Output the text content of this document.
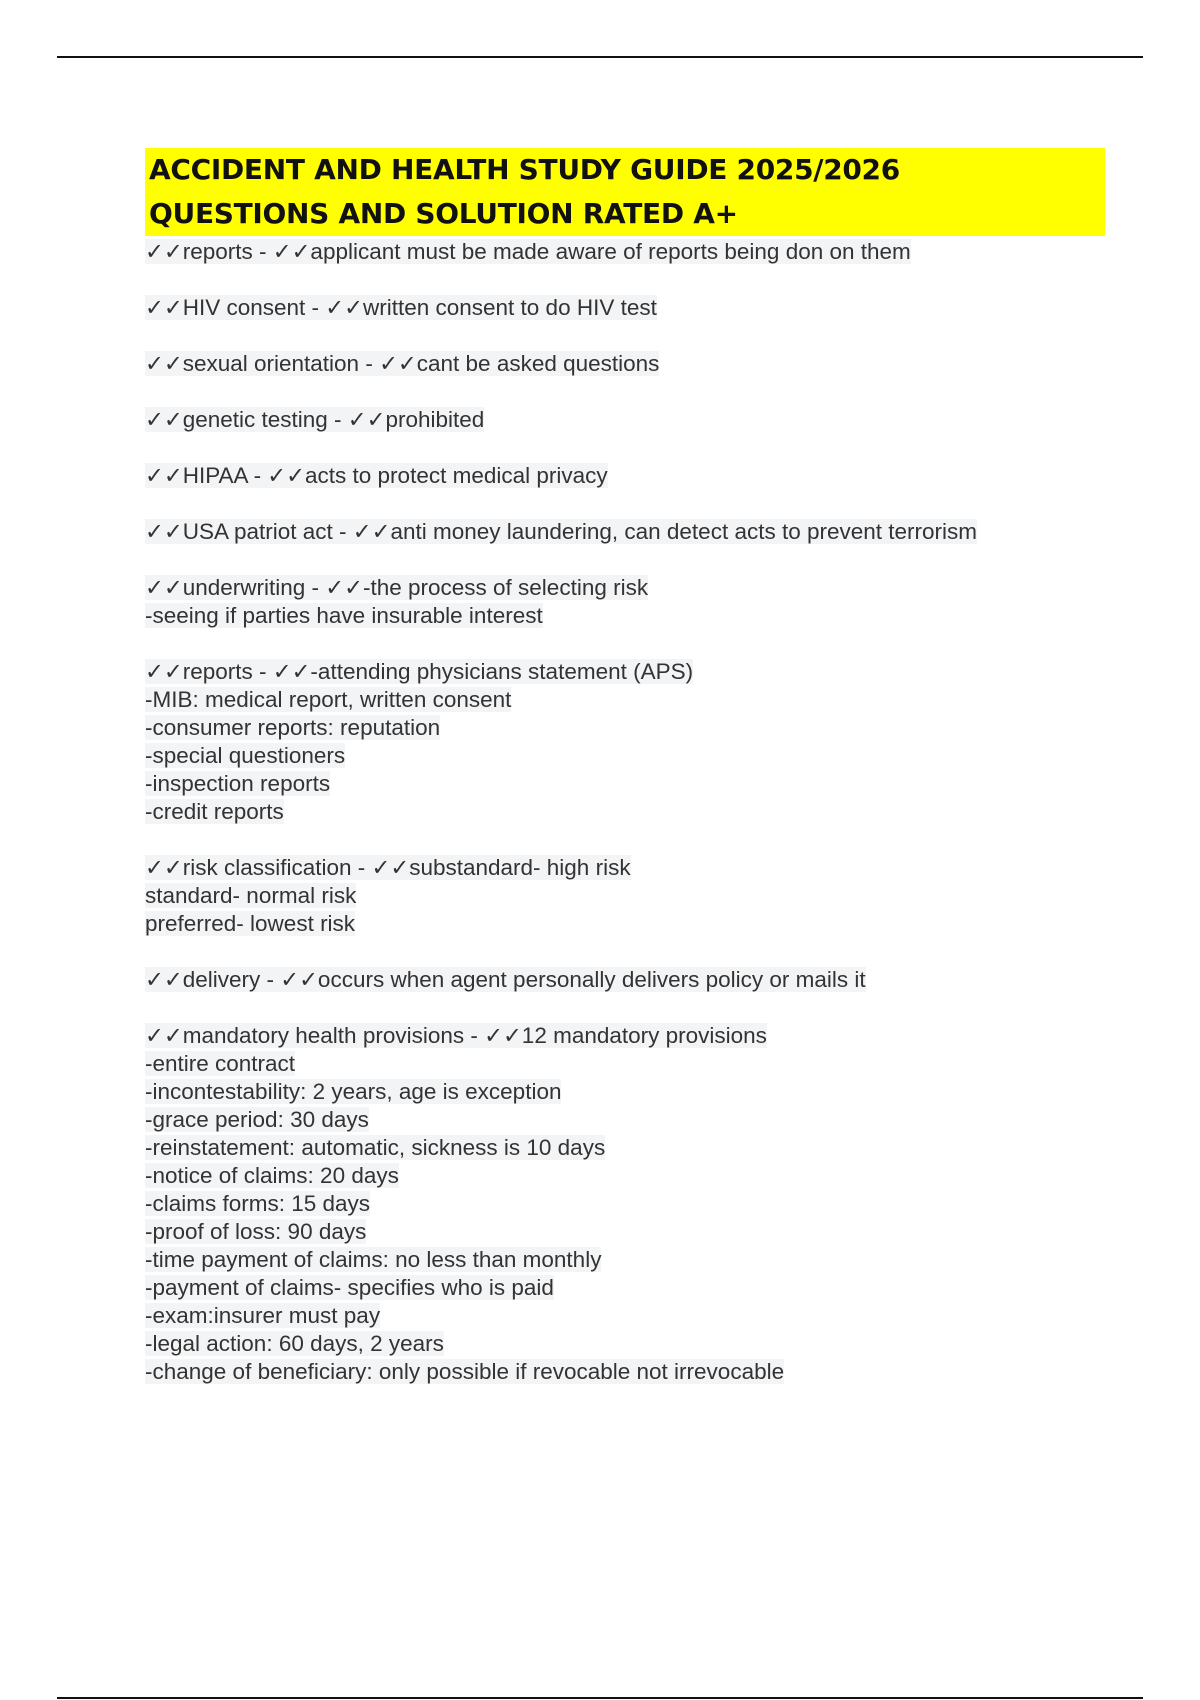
ACCIDENT AND HEALTH STUDY GUIDE 2025/2026
QUESTIONS AND SOLUTION RATED A+
✓✓reports - ✓✓applicant must be made aware of reports being don on them
✓✓HIV consent - ✓✓written consent to do HIV test
✓✓sexual orientation - ✓✓cant be asked questions
✓✓genetic testing - ✓✓prohibited
✓✓HIPAA - ✓✓acts to protect medical privacy
✓✓USA patriot act - ✓✓anti money laundering, can detect acts to prevent terrorism
✓✓underwriting - ✓✓-the process of selecting risk
-seeing if parties have insurable interest
✓✓reports - ✓✓-attending physicians statement (APS)
-MIB: medical report, written consent
-consumer reports: reputation
-special questioners
-inspection reports
-credit reports
✓✓risk classification - ✓✓substandard- high risk
standard- normal risk
preferred- lowest risk
✓✓delivery - ✓✓occurs when agent personally delivers policy or mails it
✓✓mandatory health provisions - ✓✓12 mandatory provisions
-entire contract
-incontestability: 2 years, age is exception
-grace period: 30 days
-reinstatement: automatic, sickness is 10 days
-notice of claims: 20 days
-claims forms: 15 days
-proof of loss: 90 days
-time payment of claims: no less than monthly
-payment of claims- specifies who is paid
-exam:insurer must pay
-legal action: 60 days, 2 years
-change of beneficiary: only possible if revocable not irrevocable
